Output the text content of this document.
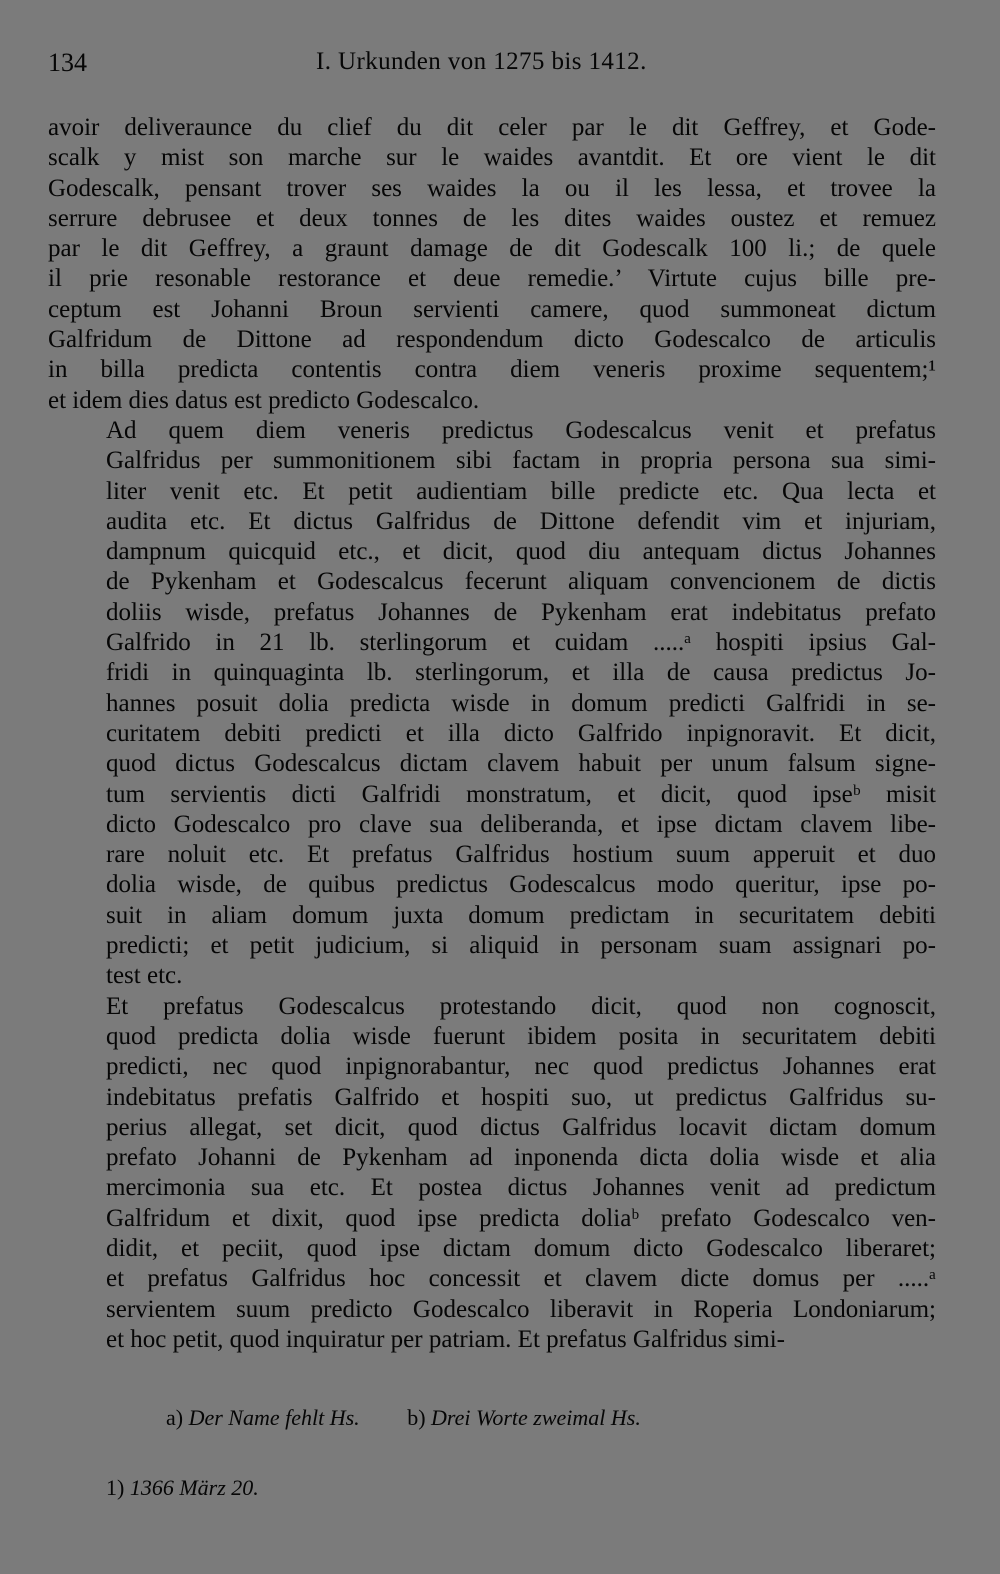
134	I. Urkunden von 1275 bis 1412.
avoir deliveraunce du clief du dit celer par le dit Geffrey, et Gode-
scalk y mist son marche sur le waides avantdit. Et ore vient le dit
Godescalk, pensant trover ses waides la ou il les lessa, et trovee la
serrure debrusee et deux tonnes de les dites waides oustez et remuez
par le dit Geffrey, a graunt damage de dit Godescalk 100 li.; de quele
il prie resonable restorance et deue remedie.’ Virtute cujus bille pre-
ceptum est Johanni Broun servienti camere, quod summoneat dictum
Galfridum de Dittone ad respondendum dicto Godescalco de articulis
in billa predicta contentis contra diem veneris proxime sequentem;¹
et idem dies datus est predicto Godescalco.
Ad quem diem veneris predictus Godescalcus venit et prefatus
Galfridus per summonitionem sibi factam in propria persona sua simi-
liter venit etc. Et petit audientiam bille predicte etc. Qua lecta et
audita etc. Et dictus Galfridus de Dittone defendit vim et injuriam,
dampnum quicquid etc., et dicit, quod diu antequam dictus Johannes
de Pykenham et Godescalcus fecerunt aliquam convencionem de dictis
doliis wisde, prefatus Johannes de Pykenham erat indebitatus prefato
Galfrido in 21 lb. sterlingorum et cuidam .....ᵃ hospiti ipsius Gal-
fridi in quinquaginta lb. sterlingorum, et illa de causa predictus Jo-
hannes posuit dolia predicta wisde in domum predicti Galfridi in se-
curitatem debiti predicti et illa dicto Galfrido inpignoravit. Et dicit,
quod dictus Godescalcus dictam clavem habuit per unum falsum signe-
tum servientis dicti Galfridi monstratum, et dicit, quod ipseᵇ misit
dicto Godescalco pro clave sua deliberanda, et ipse dictam clavem libe-
rare noluit etc. Et prefatus Galfridus hostium suum apperuit et duo
dolia wisde, de quibus predictus Godescalcus modo queritur, ipse po-
suit in aliam domum juxta domum predictam in securitatem debiti
predicti; et petit judicium, si aliquid in personam suam assignari po-
test etc.
Et prefatus Godescalcus protestando dicit, quod non cognoscit,
quod predicta dolia wisde fuerunt ibidem posita in securitatem debiti
predicti, nec quod inpignorabantur, nec quod predictus Johannes erat
indebitatus prefatis Galfrido et hospiti suo, ut predictus Galfridus su-
perius allegat, set dicit, quod dictus Galfridus locavit dictam domum
prefato Johanni de Pykenham ad inponenda dicta dolia wisde et alia
mercimonia sua etc. Et postea dictus Johannes venit ad predictum
Galfridum et dixit, quod ipse predicta doliaᵇ prefato Godescalco ven-
didit, et peciit, quod ipse dictam domum dicto Godescalco liberaret;
et prefatus Galfridus hoc concessit et clavem dicte domus per .....ᵃ
servientem suum predicto Godescalco liberavit in Roperia Londoniarum;
et hoc petit, quod inquiratur per patriam. Et prefatus Galfridus simi-
a) Der Name fehlt Hs. b) Drei Worte zweimal Hs.
1) 1366 März 20.
